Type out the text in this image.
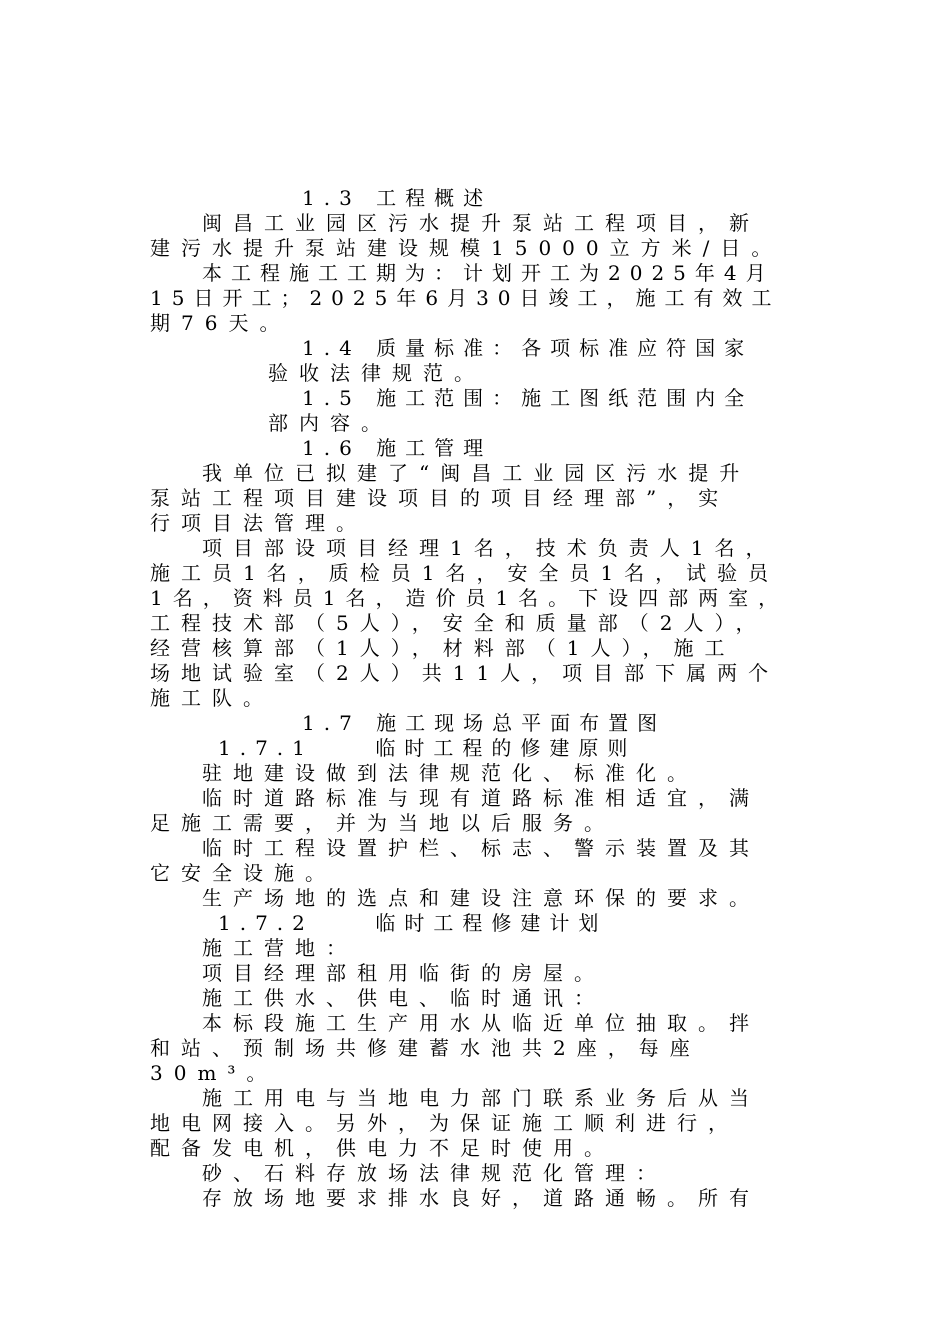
1.3 工程概述
闽昌工业园区污水提升泵站工程项目，新
建污水提升泵站建设规模15000立方米/日。
本工程施工工期为：计划开工为2025年4月
15日开工；2025年6月30日竣工，施工有效工
期76天。
1.4 质量标准：各项标准应符国家
验收法律规范。
1.5 施工范围：施工图纸范围内全
部内容。
1.6 施工管理
我单位已拟建了“闽昌工业园区污水提升
泵站工程项目建设项目的项目经理部”，实
行项目法管理。
项目部设项目经理1名，技术负责人1名，
施工员1名，质检员1名，安全员1名，试验员
1名，资料员1名，造价员1名。下设四部两室，
工程技术部（5人），安全和质量部（2人），
经营核算部（1人），材料部（1人），施工
场地试验室（2人）共11人，项目部下属两个
施工队。
1.7 施工现场总平面布置图
1.7.1    临时工程的修建原则
驻地建设做到法律规范化、标准化。
临时道路标准与现有道路标准相适宜，满
足施工需要，并为当地以后服务。
临时工程设置护栏、标志、警示装置及其
它安全设施。
生产场地的选点和建设注意环保的要求。
1.7.2    临时工程修建计划
施工营地：
项目经理部租用临街的房屋。
施工供水、供电、临时通讯：
本标段施工生产用水从临近单位抽取。拌
和站、预制场共修建蓄水池共2座，每座
30m³。
施工用电与当地电力部门联系业务后从当
地电网接入。另外，为保证施工顺利进行，
配备发电机，供电力不足时使用。
砂、石料存放场法律规范化管理：
存放场地要求排水良好，道路通畅。所有
